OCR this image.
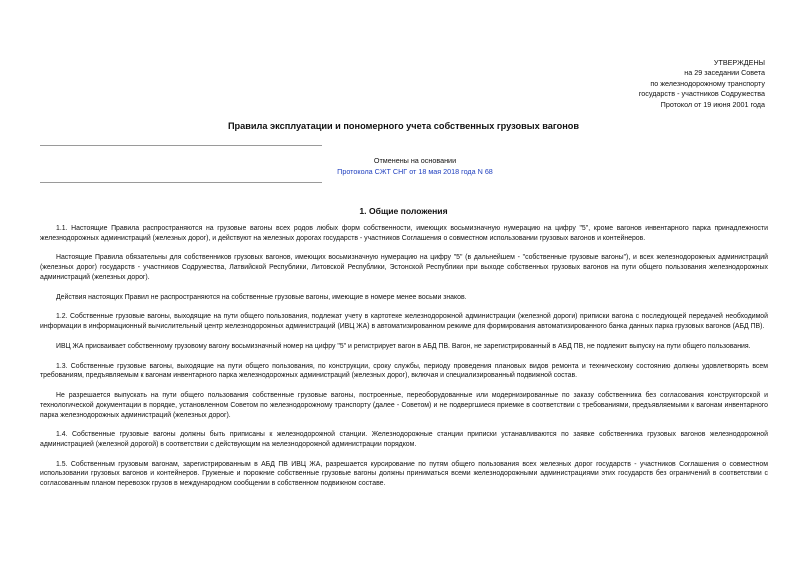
УТВЕРЖДЕНЫ
на 29 заседании Совета
по железнодорожному транспорту
государств - участников Содружества
Протокол от 19 июня 2001 года
Правила эксплуатации и пономерного учета собственных грузовых вагонов
Отменены на основании
Протокола СЖТ СНГ от 18 мая 2018 года N 68
1. Общие положения

1.1. Настоящие Правила распространяются на грузовые вагоны всех родов любых форм собственности, имеющих восьмизначную нумерацию на цифру "5", кроме вагонов инвентарного парка принадлежности железнодорожных администраций (железных дорог), и действуют на железных дорогах государств - участников Соглашения о совместном использовании грузовых вагонов и контейнеров.

Настоящие Правила обязательны для собственников грузовых вагонов, имеющих восьмизначную нумерацию на цифру "5" (в дальнейшем - "собственные грузовые вагоны"), и всех железнодорожных администраций (железных дорог) государств - участников Содружества, Латвийской Республики, Литовской Республики, Эстонской Республики при выходе собственных грузовых вагонов на пути общего пользования железнодорожных администраций (железных дорог).

Действия настоящих Правил не распространяются на собственные грузовые вагоны, имеющие в номере менее восьми знаков.

1.2. Собственные грузовые вагоны, выходящие на пути общего пользования, подлежат учету в картотеке железнодорожной администрации (железной дороги) приписки вагона с последующей передачей необходимой информации в информационный вычислительный центр железнодорожных администраций (ИВЦ ЖА) в автоматизированном режиме для формирования автоматизированного банка данных парка грузовых вагонов (АБД ПВ).

ИВЦ ЖА присваивает собственному грузовому вагону восьмизначный номер на цифру "5" и регистрирует вагон в АБД ПВ. Вагон, не зарегистрированный в АБД ПВ, не подлежит выпуску на пути общего пользования.

1.3. Собственные грузовые вагоны, выходящие на пути общего пользования, по конструкции, сроку службы, периоду проведения плановых видов ремонта и техническому состоянию должны удовлетворять всем требованиям, предъявляемым к вагонам инвентарного парка железнодорожных администраций (железных дорог), включая и специализированный подвижной состав.

Не разрешается выпускать на пути общего пользования собственные грузовые вагоны, построенные, переоборудованные или модернизированные по заказу собственника без согласования конструкторской и технологической документации в порядке, установленном Советом по железнодорожному транспорту (далее - Советом) и не подвергшиеся приемке в соответствии с требованиями, предъявляемыми к вагонам инвентарного парка железнодорожных администраций (железных дорог).

1.4. Собственные грузовые вагоны должны быть приписаны к железнодорожной станции. Железнодорожные станции приписки устанавливаются по заявке собственника грузовых вагонов железнодорожной администрацией (железной дорогой) в соответствии с действующим на железнодорожной администрации порядком.

1.5. Собственным грузовым вагонам, зарегистрированным в АБД ПВ ИВЦ ЖА, разрешается курсирование по путям общего пользования всех железных дорог государств - участников Соглашения о совместном использовании грузовых вагонов и контейнеров. Груженые и порожние собственные грузовые вагоны должны приниматься всеми железнодорожными администрациями этих государств без ограничений в соответствии с согласованным планом перевозок грузов в международном сообщении в собственном подвижном составе.
